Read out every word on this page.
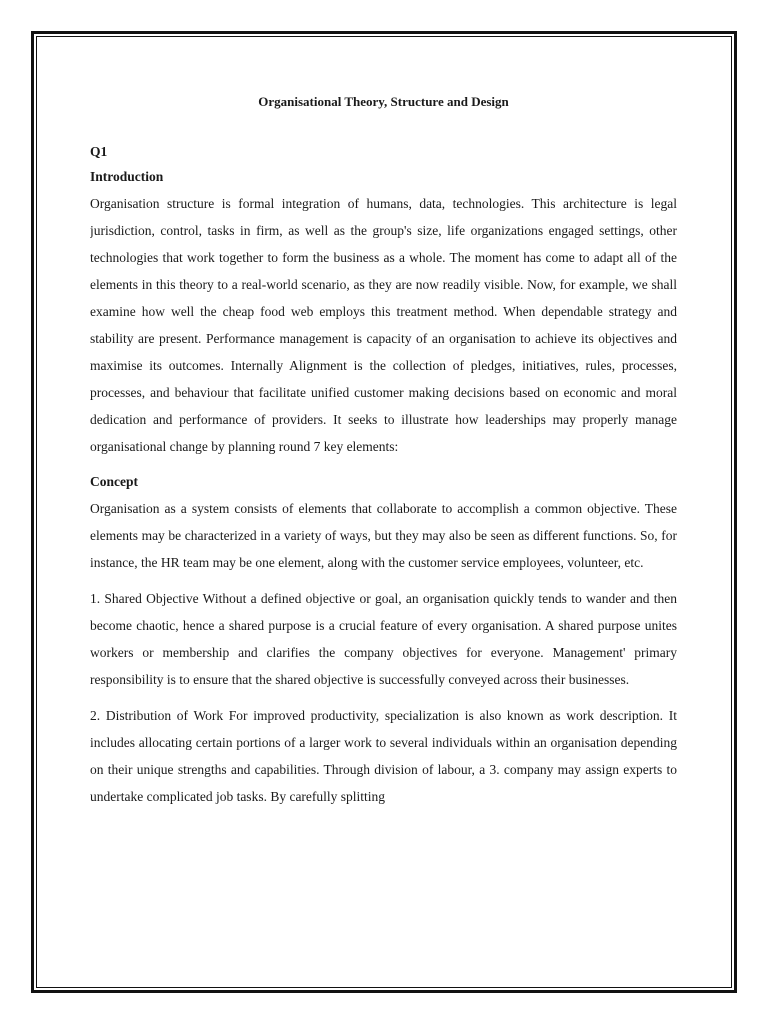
Organisational Theory, Structure and Design

Q1

Introduction

Organisation structure is formal integration of humans, data, technologies. This architecture is legal jurisdiction, control, tasks in firm, as well as the group's size, life organizations engaged settings, other technologies that work together to form the business as a whole. The moment has come to adapt all of the elements in this theory to a real-world scenario, as they are now readily visible. Now, for example, we shall examine how well the cheap food web employs this treatment method. When dependable strategy and stability are present. Performance management is capacity of an organisation to achieve its objectives and maximise its outcomes. Internally Alignment is the collection of pledges, initiatives, rules, processes, processes, and behaviour that facilitate unified customer making decisions based on economic and moral dedication and performance of providers. It seeks to illustrate how leaderships may properly manage organisational change by planning round 7 key elements:

Concept

Organisation as a system consists of elements that collaborate to accomplish a common objective. These elements may be characterized in a variety of ways, but they may also be seen as different functions. So, for instance, the HR team may be one element, along with the customer service employees, volunteer, etc.

1. Shared Objective Without a defined objective or goal, an organisation quickly tends to wander and then become chaotic, hence a shared purpose is a crucial feature of every organisation. A shared purpose unites workers or membership and clarifies the company objectives for everyone. Management' primary responsibility is to ensure that the shared objective is successfully conveyed across their businesses.

2. Distribution of Work For improved productivity, specialization is also known as work description. It includes allocating certain portions of a larger work to several individuals within an organisation depending on their unique strengths and capabilities. Through division of labour, a 3. company may assign experts to undertake complicated job tasks. By carefully splitting
